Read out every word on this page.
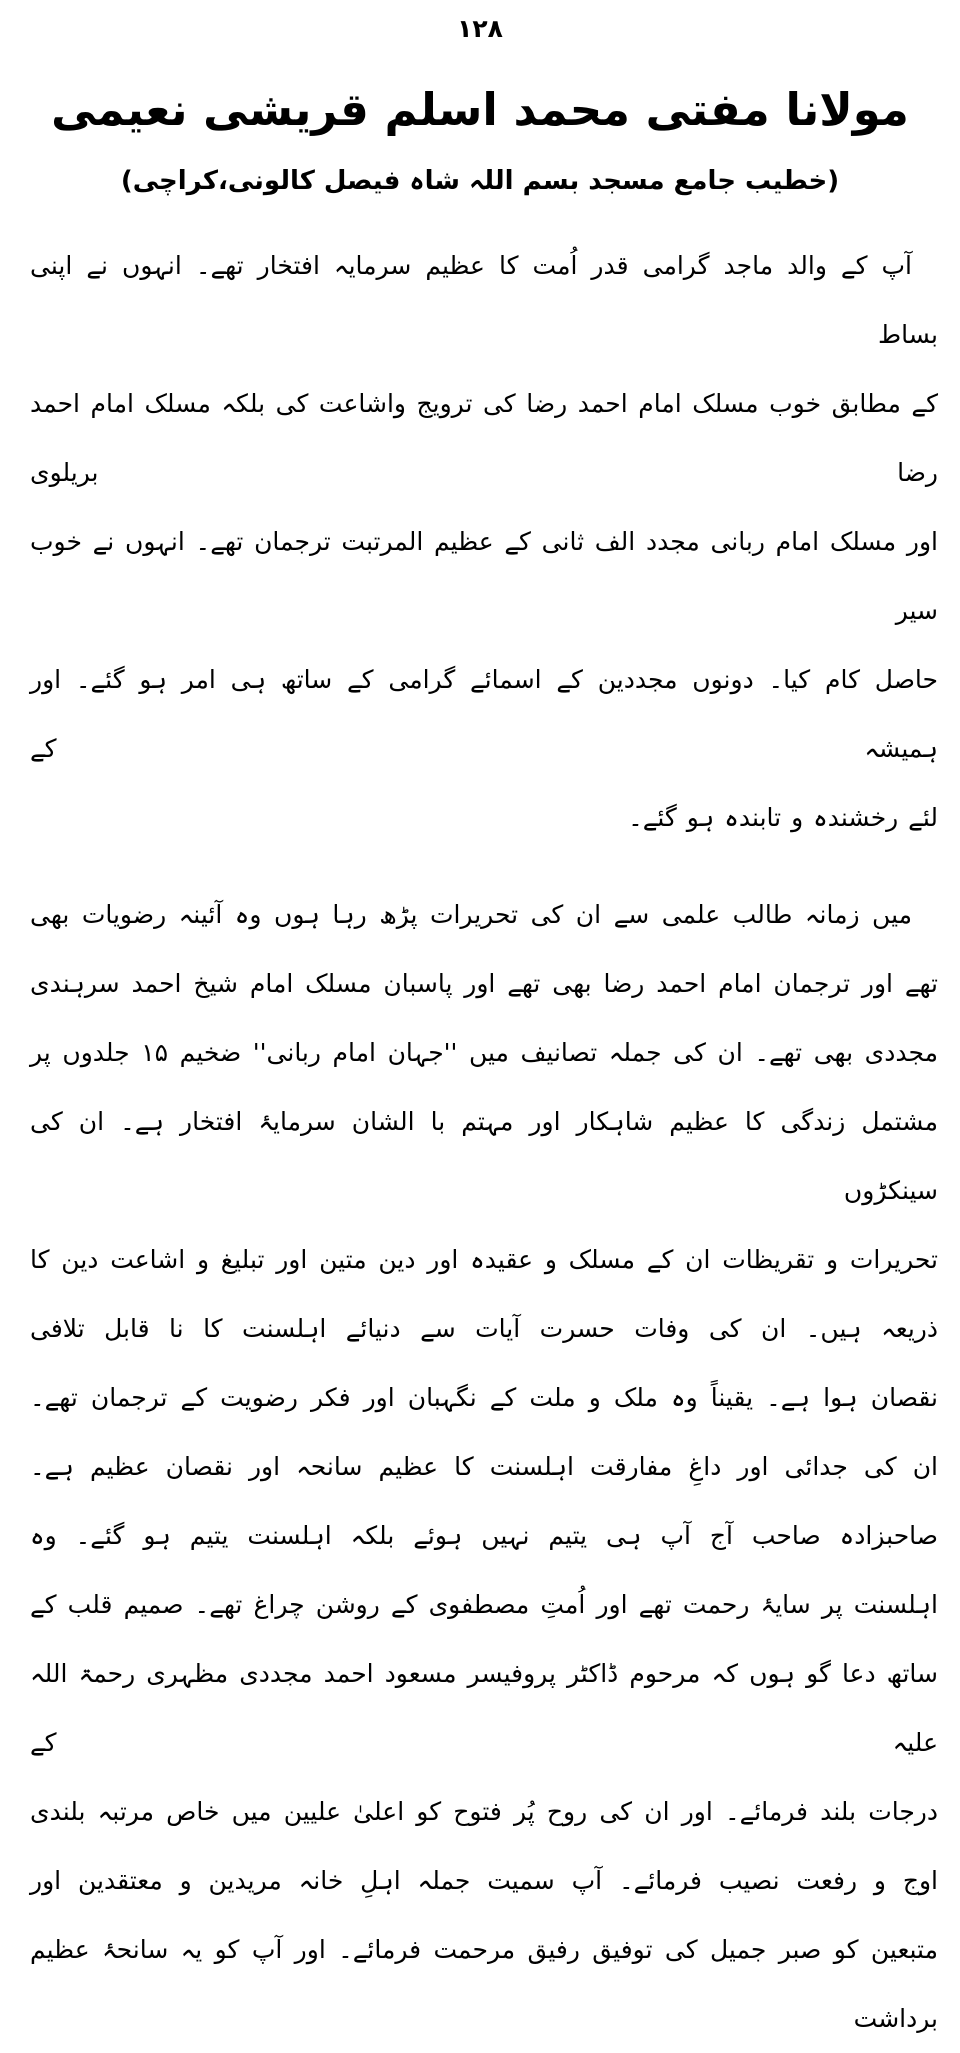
۱۲۸
مولانا مفتی محمد اسلم قریشی نعیمی
(خطیب جامع مسجد بسم اللہ شاہ فیصل کالونی،کراچی)
آپ کے والد ماجد گرامی قدر اُمت کا عظیم سرمایہ افتخار تھے۔ انہوں نے اپنی بساط
کے مطابق خوب مسلک امام احمد رضا کی ترویج واشاعت کی بلکہ مسلک امام احمد رضا بریلوی
اور مسلک امام ربانی مجدد الف ثانی کے عظیم المرتبت ترجمان تھے۔ انہوں نے خوب سیر
حاصل کام کیا۔ دونوں مجددین کے اسمائے گرامی کے ساتھ ہی امر ہو گئے۔ اور ہمیشہ کے
لئے رخشندہ و تابندہ ہو گئے۔
میں زمانہ طالب علمی سے ان کی تحریرات پڑھ رہا ہوں وہ آئینہ رضویات بھی
تھے اور ترجمان امام احمد رضا بھی تھے اور پاسبان مسلک امام شیخ احمد سرہندی
مجددی بھی تھے۔ ان کی جملہ تصانیف میں ''جہان امام ربانی'' ضخیم ۱۵ جلدوں پر
مشتمل زندگی کا عظیم شاہکار اور مہتم با الشان سرمایۂ افتخار ہے۔ ان کی سینکڑوں
تحریرات و تقریظات ان کے مسلک و عقیدہ اور دین متین اور تبلیغ و اشاعت دین کا
ذریعہ ہیں۔ ان کی وفات حسرت آیات سے دنیائے اہلسنت کا نا قابل تلافی
نقصان ہوا ہے۔ یقیناً وہ ملک و ملت کے نگہبان اور فکر رضویت کے ترجمان تھے۔
ان کی جدائی اور داغِ مفارقت اہلسنت کا عظیم سانحہ اور نقصان عظیم ہے۔
صاحبزادہ صاحب آج آپ ہی یتیم نہیں ہوئے بلکہ اہلسنت یتیم ہو گئے۔ وہ
اہلسنت پر سایۂ رحمت تھے اور اُمتِ مصطفوی کے روشن چراغ تھے۔ صمیم قلب کے
ساتھ دعا گو ہوں کہ مرحوم ڈاکٹر پروفیسر مسعود احمد مجددی مظہری رحمۃ اللہ علیہ کے
درجات بلند فرمائے۔ اور ان کی روح پُر فتوح کو اعلیٰ علیین میں خاص مرتبہ بلندی
اوج و رفعت نصیب فرمائے۔ آپ سمیت جملہ اہلِ خانہ مریدین و معتقدین اور
متبعین کو صبر جمیل کی توفیق رفیق مرحمت فرمائے۔ اور آپ کو یہ سانحۂ عظیم برداشت
